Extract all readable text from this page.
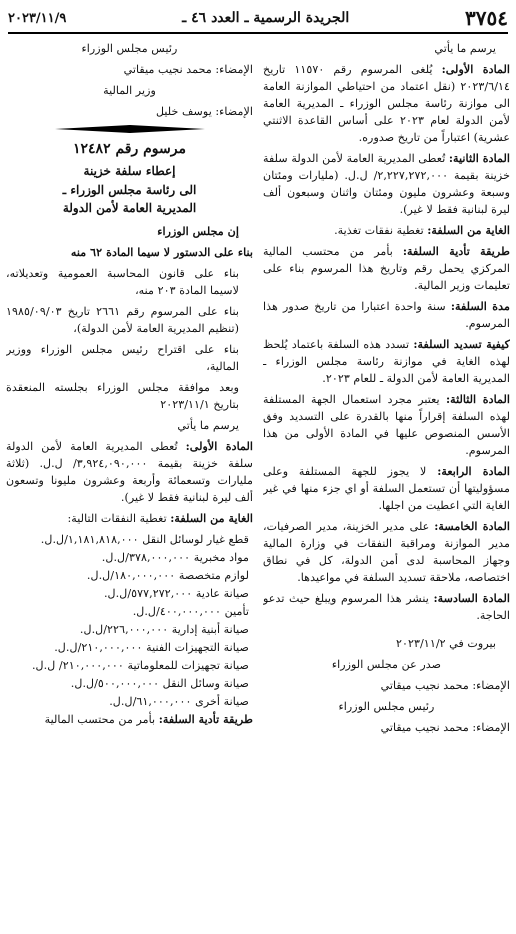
٣٧٥٤
الجريدة الرسمية ـ العدد ٤٦ ـ
٢٠٢٣/١١/٩

يرسم ما يأتي

المادة الأولى: يُلغى المرسوم رقم ١١٥٧٠ تاريخ ٢٠٢٣/٦/١٤ (نقل اعتماد من احتياطي الموازنة العامة الى موازنة رئاسة مجلس الوزراء ـ المديرية العامة لأمن الدولة لعام ٢٠٢٣ على أساس القاعدة الاثنتي عشرية) اعتباراً من تاريخ صدوره.

المادة الثانية: تُعطى المديرية العامة لأمن الدولة سلفة خزينة بقيمة ٢,٢٢٧,٢٧٢,٠٠٠/ ل.ل. (مليارات ومئتان وسبعة وعشرون مليون ومئتان واثنان وسبعون ألف ليرة لبنانية فقط لا غير).

الغاية من السلفة: تغطية نفقات تغذية.

طريقة تأدية السلفة: بأمر من محتسب المالية المركزي يحمل رقم وتاريخ هذا المرسوم بناء على تعليمات وزير المالية.

مدة السلفة: سنة واحدة اعتبارا من تاريخ صدور هذا المرسوم.

كيفية تسديد السلفة: تسدد هذه السلفة باعتماد يُلحظ لهذه الغاية في موازنة رئاسة مجلس الوزراء ـ المديرية العامة لأمن الدولة ـ للعام ٢٠٢٣.

المادة الثالثة: يعتبر مجرد استعمال الجهة المستلفة لهذه السلفة إقراراً منها بالقدرة على التسديد وفق الأسس المنصوص عليها في المادة الأولى من هذا المرسوم.

المادة الرابعة: لا يجوز للجهة المستلفة وعلى مسؤوليتها أن تستعمل السلفة أو اي جزء منها في غير الغاية التي اعطيت من اجلها.

المادة الخامسة: على مدير الخزينة، مدير الصرفيات، مدير الموازنة ومراقبة النفقات في وزارة المالية وجهاز المحاسبة لدى أمن الدولة، كل في نطاق اختصاصه، ملاحقة تسديد السلفة في مواعيدها.

المادة السادسة: ينشر هذا المرسوم ويبلغ حيث تدعو الحاجة.

بيروت في ٢٠٢٣/١١/٢

صدر عن مجلس الوزراء

الإمضاء: محمد نجيب ميقاتي

رئيس مجلس الوزراء

الإمضاء: محمد نجيب ميقاتي

رئيس مجلس الوزراء

الإمضاء: محمد نجيب ميقاتي

وزير المالية

الإمضاء: يوسف خليل

مرسوم رقم ١٢٤٨٢
إعطاء سلفة خزينة
الى رئاسة مجلس الوزراء ـ
المديرية العامة لأمن الدولة

إن مجلس الوزراء

بناء على الدستور لا سيما المادة ٦٢ منه

بناء على قانون المحاسبة العمومية وتعديلاته، لاسيما المادة ٢٠٣ منه،

بناء على المرسوم رقم ٢٦٦١ تاريخ ١٩٨٥/٠٩/٠٣ (تنظيم المديرية العامة لأمن الدولة)،

بناء على اقتراح رئيس مجلس الوزراء ووزير المالية،

وبعد موافقة مجلس الوزراء بجلسته المنعقدة بتاريخ ٢٠٢٣/١١/١

يرسم ما يأتي

المادة الأولى: تُعطى المديرية العامة لأمن الدولة سلفة خزينة بقيمة ٣,٩٢٤,٠٩٠,٠٠٠/ ل.ل. (ثلاثة مليارات وتسعمائة وأربعة وعشرون مليونا وتسعون ألف ليرة لبنانية فقط لا غير).

الغاية من السلفة: تغطية النفقات التالية:

قطع غيار لوسائل النقل ١,١٨١,٨١٨,٠٠٠/ل.ل.
مواد مخبرية ٣٧٨,٠٠٠,٠٠٠/ل.ل.
لوازم متخصصة ١٨٠,٠٠٠,٠٠٠/ل.ل.
صيانة عادية ٥٧٧,٢٧٢,٠٠٠/ل.ل.
تأمين ٤٠٠,٠٠٠,٠٠٠/ل.ل.
صيانة أبنية إدارية ٢٢٦,٠٠٠,٠٠٠/ل.ل.
صيانة التجهيزات الفنية ٢١٠,٠٠٠,٠٠٠/ل.ل.
صيانة تجهيزات للمعلوماتية ٢١٠,٠٠٠,٠٠٠/ ل.ل.
صيانة وسائل النقل ٥٠٠,٠٠٠,٠٠٠/ل.ل.
صيانة أخرى ٦١,٠٠٠,٠٠٠/ل.ل.

طريقة تأدية السلفة: بأمر من محتسب المالية
